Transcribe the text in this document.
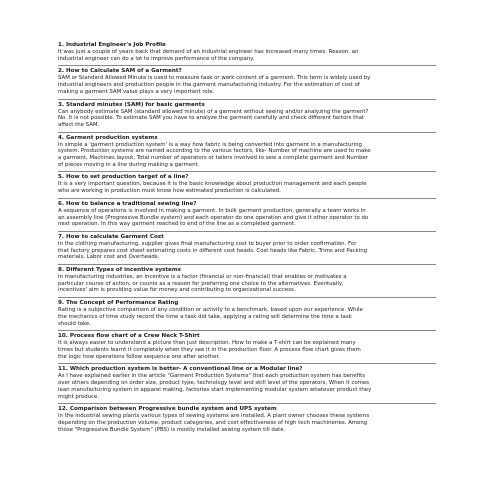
1. Industrial Engineer's Job Profile
It was just a couple of years back that demand of an industrial engineer has increased many times. Reason, an
industrial engineer can do a lot to improve performance of the company.
2. How to Calculate SAM of a Garment?
SAM or Standard Allowed Minute is used to measure task or work content of a garment. This term is widely used by
industrial engineers and production people in the garment manufacturing industry. For the estimation of cost of
making a garment SAM value plays a very important role.
3. Standard minutes (SAM) for basic garments
Can anybody estimate SAM (standard allowed minute) of a garment without seeing and/or analyzing the garment?
No. It is not possible. To estimate SAM you have to analyze the garment carefully and check different factors that
affect the SAM.
4. Garment production systems
In simple a 'garment production system' is a way how fabric is being converted into garment in a manufacturing
system. Production systems are named according to the various factors, like- Number of machine are used to make
a garment, Machines layout, Total number of operators or tailors involved to sew a complete garment and Number
of pieces moving in a line during making a garment.
5. How to set production target of a line?
It is a very important question, because it is the basic knowledge about production management and each people
who are working in production must know how estimated production is calculated.
6. How to balance a traditional sewing line?
A sequence of operations is involved in making a garment. In bulk garment production, generally a team works in
an assembly line (Progressive Bundle system) and each operator do one operation and give it other operator to do
next operation. In this way garment reached to end of the line as a completed garment.
7. How to calculate Garment Cost
In the clothing manufacturing, supplier gives final manufacturing cost to buyer prior to order confirmation. For
that factory prepares cost sheet estimating costs in different cost heads. Cost heads like Fabric, Trims and Packing
materials, Labor cost and Overheads.
8. Different Types of incentive systems
In manufacturing industries, an incentive is a factor (financial or non-financial) that enables or motivates a
particular course of action, or counts as a reason for preferring one choice to the alternatives. Eventually,
incentives' aim is providing value for money and contributing to organizational success.
9. The Concept of Performance Rating
Rating is a subjective comparison of any condition or activity to a benchmark, based upon our experience. While
the mechanics of time study record the time a task did take, applying a rating will determine the time a task
should take.
10. Process flow chart of a Crew Neck T-Shirt
It is always easier to understand a picture than just description. How to make a T-shirt can be explained many
times but students learnt it completely when they see it in the production floor. A process flow chart gives them
the logic how operations follow sequence one after another.
11. Which production system is better- A conventional line or a Modular line?
As I have explained earlier in the article "Garment Production Systems" that each production system has benefits
over others depending on order size, product type, technology level and skill level of the operators. When it comes
lean manufacturing system in apparel making, factories start implementing modular system whatever product they
might produce.
12. Comparison between Progressive bundle system and UPS system
In the industrial sewing plants various types of sewing systems are installed. A plant owner chooses these systems
depending on the production volume, product categories, and cost effectiveness of high tech machineries. Among
those "Progressive Bundle System" (PBS) is mostly installed sewing system till date.
